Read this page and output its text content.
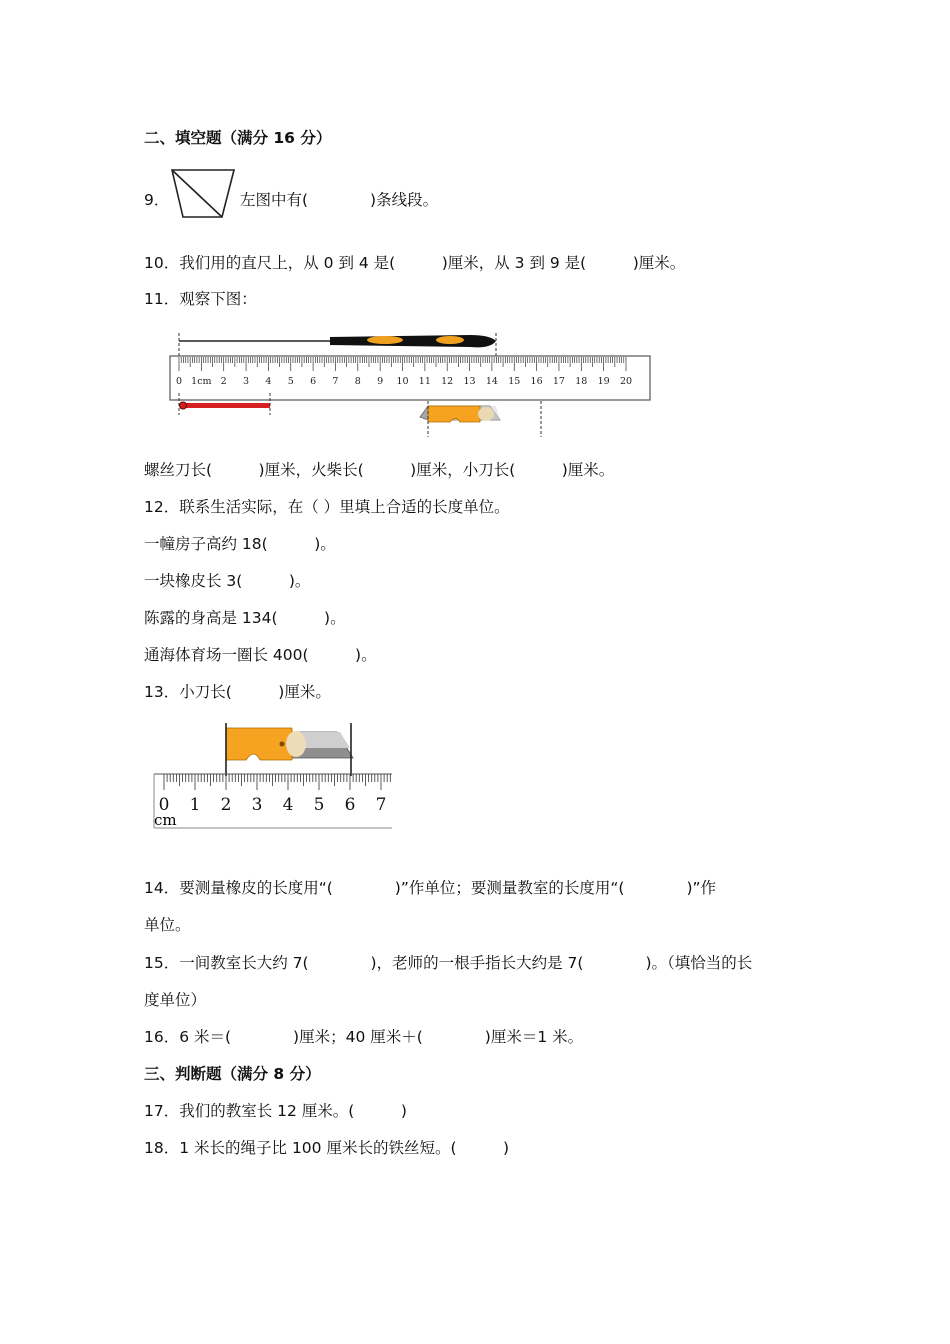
二、填空题（满分 16 分）
9．	左图中有(　　　　)条线段。
10．我们用的直尺上，从 0 到 4 是(　　　)厘米，从 3 到 9 是(　　　)厘米。
11．观察下图：
0 1cm 2 3 4 5 6 7 8 9 10 11 12 13 14 15 16 17 18 19 20
螺丝刀长(　　　)厘米，火柴长(　　　)厘米，小刀长(　　　)厘米。
12．联系生活实际，在（ ）里填上合适的长度单位。
一幢房子高约 18(　　　)。
一块橡皮长 3(　　　)。
陈露的身高是 134(　　　)。
通海体育场一圈长 400(　　　)。
13．小刀长(　　　)厘米。
0 1 2 3 4 5 6 7
cm
14．要测量橡皮的长度用“(　　　　)”作单位；要测量教室的长度用“(　　　　)”作
单位。
15．一间教室长大约 7(　　　　)，老师的一根手指长大约是 7(　　　　)。（填恰当的长
度单位）
16．6 米＝(　　　　)厘米；40 厘米＋(　　　　)厘米＝1 米。
三、判断题（满分 8 分）
17．我们的教室长 12 厘米。(　　　)
18．1 米长的绳子比 100 厘米长的铁丝短。(　　　)
